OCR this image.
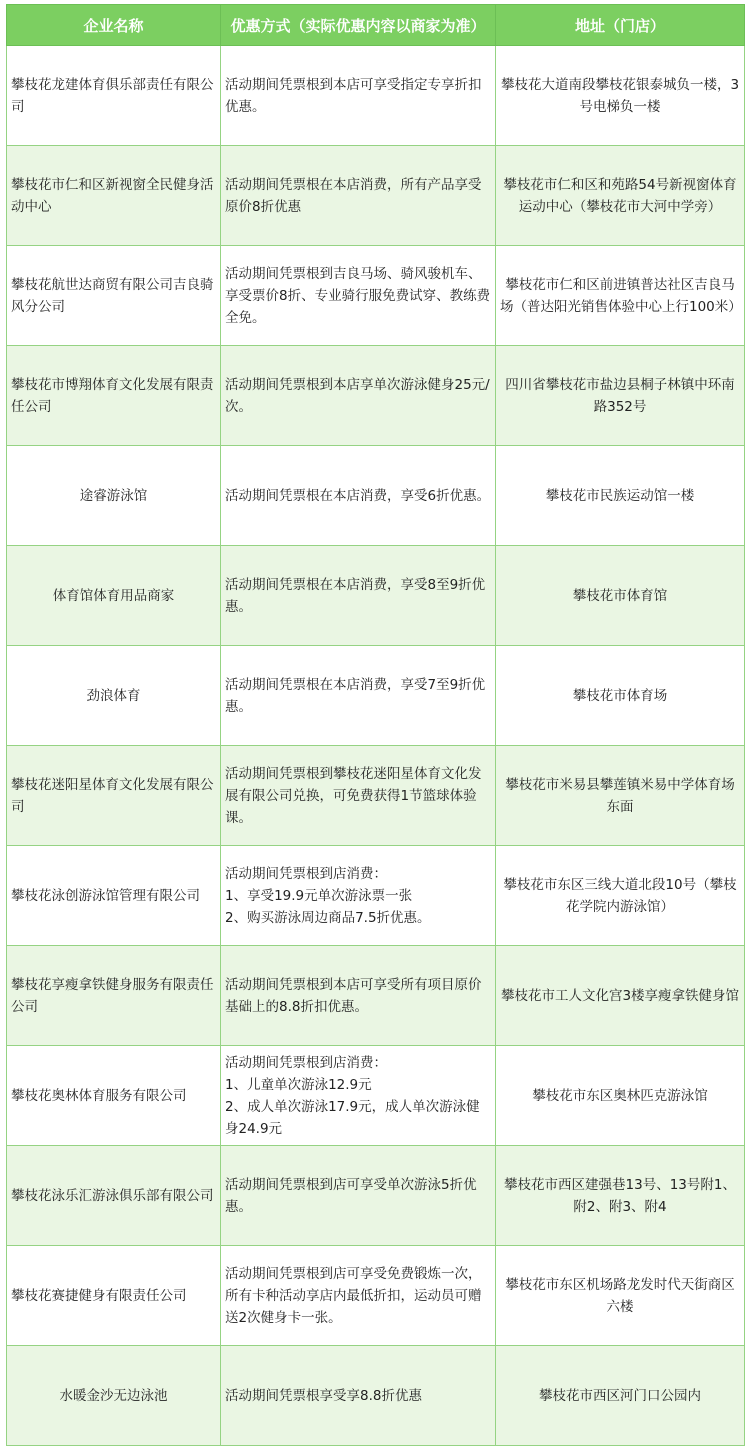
企业名称	优惠方式（实际优惠内容以商家为准）	地址（门店）
攀枝花龙建体育俱乐部责任有限公司	活动期间凭票根到本店可享受指定专享折扣优惠。	攀枝花大道南段攀枝花银泰城负一楼，3号电梯负一楼
攀枝花市仁和区新视窗全民健身活动中心	活动期间凭票根在本店消费，所有产品享受原价8折优惠	攀枝花市仁和区和苑路54号新视窗体育运动中心（攀枝花市大河中学旁）
攀枝花航世达商贸有限公司吉良骑风分公司	活动期间凭票根到吉良马场、骑风骏机车、享受票价8折、专业骑行服免费试穿、教练费全免。	攀枝花市仁和区前进镇普达社区吉良马场（普达阳光销售体验中心上行100米）
攀枝花市博翔体育文化发展有限责任公司	活动期间凭票根到本店享单次游泳健身25元/次。	四川省攀枝花市盐边县桐子林镇中环南路352号
途睿游泳馆	活动期间凭票根在本店消费，享受6折优惠。	攀枝花市民族运动馆一楼
体育馆体育用品商家	活动期间凭票根在本店消费，享受8至9折优惠。	攀枝花市体育馆
劲浪体育	活动期间凭票根在本店消费，享受7至9折优惠。	攀枝花市体育场
攀枝花迷阳星体育文化发展有限公司	活动期间凭票根到攀枝花迷阳星体育文化发展有限公司兑换，可免费获得1节篮球体验课。	攀枝花市米易县攀莲镇米易中学体育场东面
攀枝花泳创游泳馆管理有限公司	活动期间凭票根到店消费：
1、享受19.9元单次游泳票一张
2、购买游泳周边商品7.5折优惠。	攀枝花市东区三线大道北段10号（攀枝花学院内游泳馆）
攀枝花享瘦拿铁健身服务有限责任公司	活动期间凭票根到本店可享受所有项目原价基础上的8.8折扣优惠。	攀枝花市工人文化宫3楼享瘦拿铁健身馆
攀枝花奥林体育服务有限公司	活动期间凭票根到店消费：
1、儿童单次游泳12.9元
2、成人单次游泳17.9元，成人单次游泳健身24.9元	攀枝花市东区奥林匹克游泳馆
攀枝花泳乐汇游泳俱乐部有限公司	活动期间凭票根到店可享受单次游泳5折优惠。	攀枝花市西区建强巷13号、13号附1、附2、附3、附4
攀枝花赛捷健身有限责任公司	活动期间凭票根到店可享受免费锻炼一次，所有卡种活动享店内最低折扣，运动员可赠送2次健身卡一张。	攀枝花市东区机场路龙发时代天街商区六楼
水暖金沙无边泳池	活动期间凭票根享受享8.8折优惠	攀枝花市西区河门口公园内
